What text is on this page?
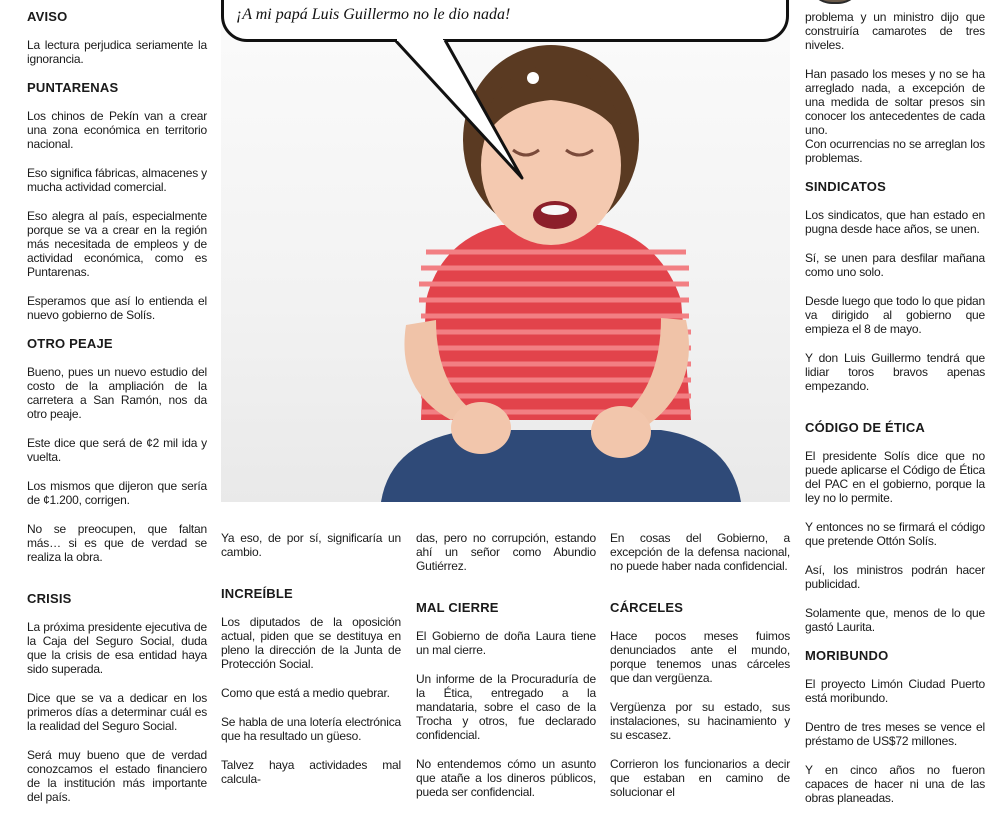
¡A mi papá Luis Guillermo no le dio nada!
AVISO

La lectura perjudica seriamente la ignorancia.

PUNTARENAS

Los chinos de Pekín van a crear una zona económica en territorio nacional.

Eso significa fábricas, almacenes y mucha actividad comercial.

Eso alegra al país, especialmente porque se va a crear en la región más necesitada de empleos y de actividad económica, como es Puntarenas.

Esperamos que así lo entienda el nuevo gobierno de Solís.

OTRO PEAJE

Bueno, pues un nuevo estudio del costo de la ampliación de la carretera a San Ramón, nos da otro peaje.

Este dice que será de ¢2 mil ida y vuelta.

Los mismos que dijeron que sería de ¢1.200, corrigen.

No se preocupen, que faltan más… si es que de verdad se realiza la obra.

CRISIS

La próxima presidente ejecutiva de la Caja del Seguro Social, duda que la crisis de esa entidad haya sido superada.

Dice que se va a dedicar en los primeros días a determinar cuál es la realidad del Seguro Social.

Será muy bueno que de verdad conozcamos el estado financiero de la institución más importante del país.

Ya eso, de por sí, significaría un cambio.

INCREÍBLE

Los diputados de la oposición actual, piden que se destituya en pleno la dirección de la Junta de Protección Social.

Como que está a medio quebrar.

Se habla de una lotería electrónica que ha resultado un güeso.

Talvez haya actividades mal calcula-

das, pero no corrupción, estando ahí un señor como Abundio Gutiérrez.

MAL CIERRE

El Gobierno de doña Laura tiene un mal cierre.

Un informe de la Procuraduría de la Ética, entregado a la mandataria, sobre el caso de la Trocha y otros, fue declarado confidencial.

No entendemos cómo un asunto que atañe a los dineros públicos, pueda ser confidencial.

En cosas del Gobierno, a excepción de la defensa nacional, no puede haber nada confidencial.

CÁRCELES

Hace pocos meses fuimos denunciados ante el mundo, porque tenemos unas cárceles que dan vergüenza.

Vergüenza por su estado, sus instalaciones, su hacinamiento y su escasez.

Corrieron los funcionarios a decir que estaban en camino de solucionar el

problema y un ministro dijo que construiría camarotes de tres niveles.

Han pasado los meses y no se ha arreglado nada, a excepción de una medida de soltar presos sin conocer los antecedentes de cada uno.
Con ocurrencias no se arreglan los problemas.

SINDICATOS

Los sindicatos, que han estado en pugna desde hace años, se unen.

Sí, se unen para desfilar mañana como uno solo.

Desde luego que todo lo que pidan va dirigido al gobierno que empieza el 8 de mayo.

Y don Luis Guillermo tendrá que lidiar toros bravos apenas empezando.

CÓDIGO DE ÉTICA

El presidente Solís dice que no puede aplicarse el Código de Ética del PAC en el gobierno, porque la ley no lo permite.

Y entonces no se firmará el código que pretende Ottón Solís.

Así, los ministros podrán hacer publicidad.

Solamente que, menos de lo que gastó Laurita.

MORIBUNDO

El proyecto Limón Ciudad Puerto está moribundo.

Dentro de tres meses se vence el préstamo de US$72 millones.

Y en cinco años no fueron capaces de hacer ni una de las obras planeadas.
